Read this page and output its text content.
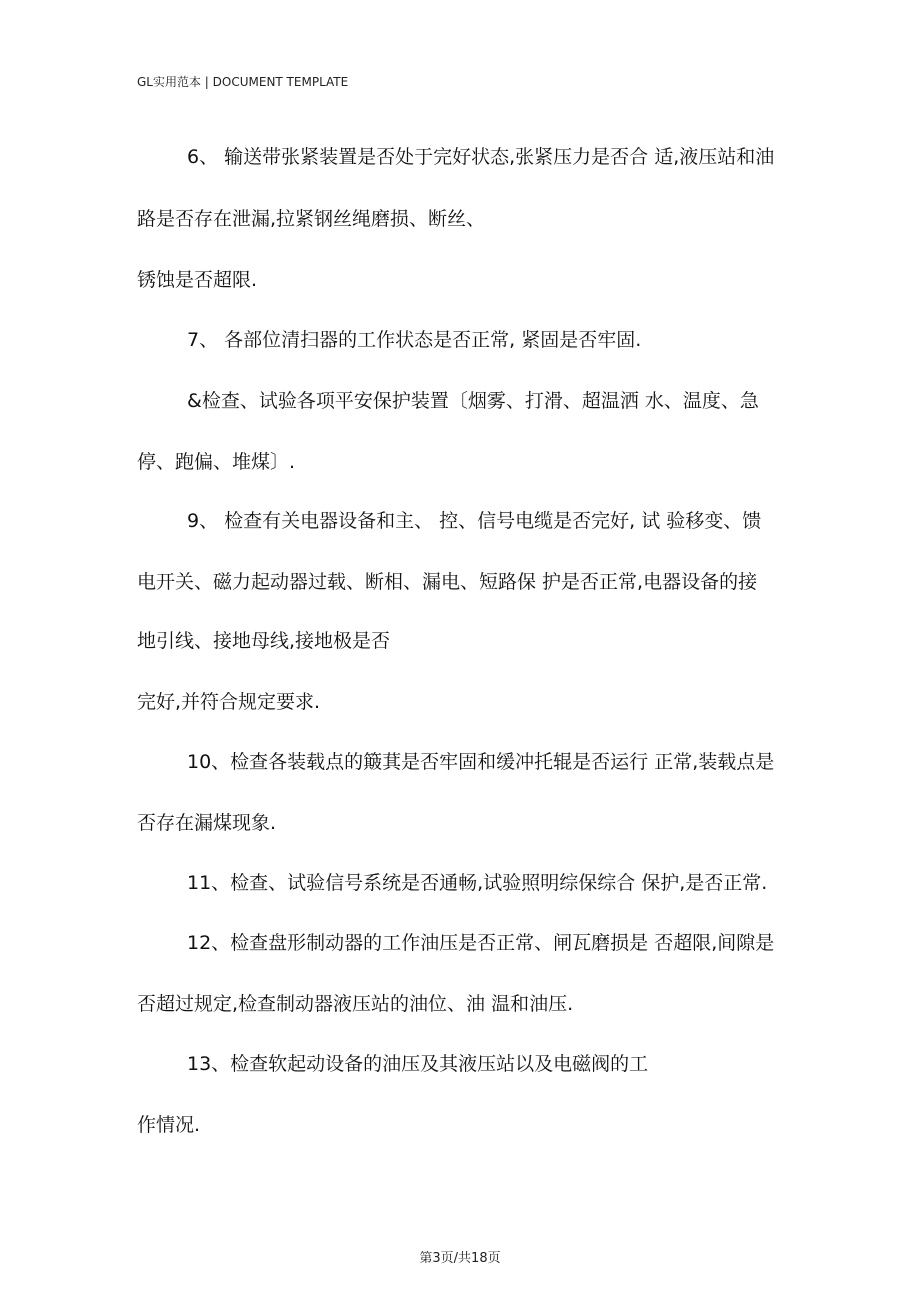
GL实用范本 | DOCUMENT TEMPLATE
6、 输送带张紧装置是否处于完好状态,张紧压力是否合 适,液压站和油
路是否存在泄漏,拉紧钢丝绳磨损、断丝、
锈蚀是否超限.
7、 各部位清扫器的工作状态是否正常, 紧固是否牢固.
&检查、试验各项平安保护装置〔烟雾、打滑、超温洒 水、温度、急
停、跑偏、堆煤〕.
9、 检查有关电器设备和主、 控、信号电缆是否完好, 试 验移变、馈
电开关、磁力起动器过载、断相、漏电、短路保 护是否正常,电器设备的接
地引线、接地母线,接地极是否
完好,并符合规定要求.
10、检查各装载点的簸萁是否牢固和缓冲托辊是否运行 正常,装载点是
否存在漏煤现象.
11、检查、试验信号系统是否通畅,试验照明综保综合 保护,是否正常.
12、检查盘形制动器的工作油压是否正常、闸瓦磨损是 否超限,间隙是
否超过规定,检查制动器液压站的油位、油 温和油压.
13、检查软起动设备的油压及其液压站以及电磁阀的工
作情况.
第3页/共18页
